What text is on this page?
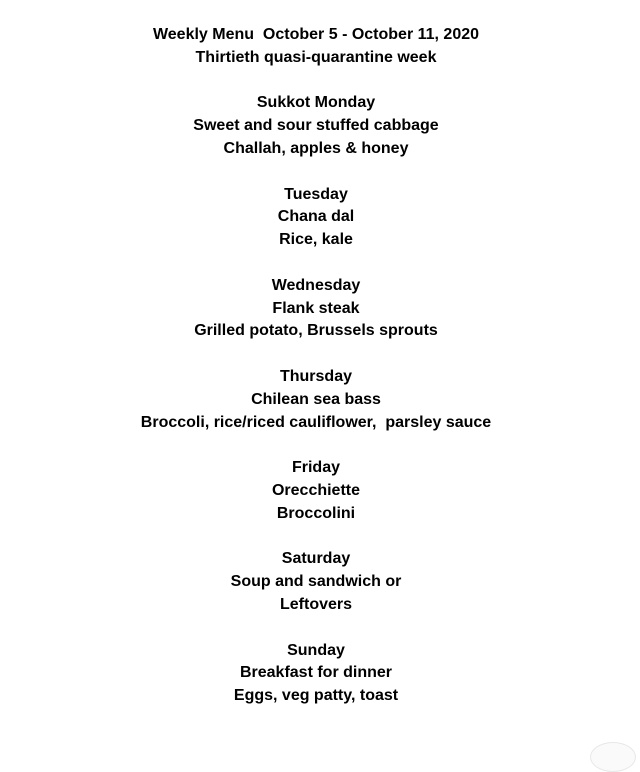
Weekly Menu  October 5 - October 11, 2020
Thirtieth quasi-quarantine week
Sukkot Monday
Sweet and sour stuffed cabbage
Challah, apples & honey
Tuesday
Chana dal
Rice, kale
Wednesday
Flank steak
Grilled potato, Brussels sprouts
Thursday
Chilean sea bass
Broccoli, rice/riced cauliflower,  parsley sauce
Friday
Orecchiette
Broccolini
Saturday
Soup and sandwich or
Leftovers
Sunday
Breakfast for dinner
Eggs, veg patty, toast
